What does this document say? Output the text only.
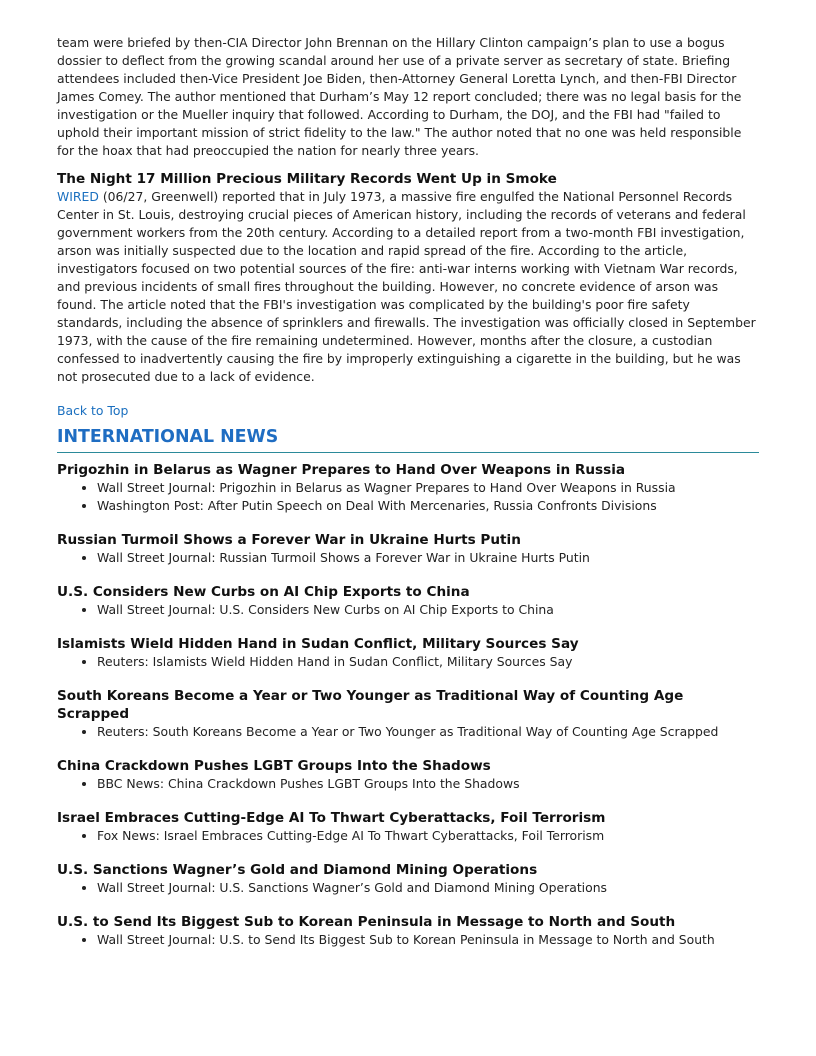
team were briefed by then-CIA Director John Brennan on the Hillary Clinton campaign’s plan to use a bogus dossier to deflect from the growing scandal around her use of a private server as secretary of state. Briefing attendees included then-Vice President Joe Biden, then-Attorney General Loretta Lynch, and then-FBI Director James Comey. The author mentioned that Durham’s May 12 report concluded; there was no legal basis for the investigation or the Mueller inquiry that followed. According to Durham, the DOJ, and the FBI had "failed to uphold their important mission of strict fidelity to the law." The author noted that no one was held responsible for the hoax that had preoccupied the nation for nearly three years.

The Night 17 Million Precious Military Records Went Up in Smoke

WIRED (06/27, Greenwell) reported that in July 1973, a massive fire engulfed the National Personnel Records Center in St. Louis, destroying crucial pieces of American history, including the records of veterans and federal government workers from the 20th century. According to a detailed report from a two-month FBI investigation, arson was initially suspected due to the location and rapid spread of the fire. According to the article, investigators focused on two potential sources of the fire: anti-war interns working with Vietnam War records, and previous incidents of small fires throughout the building. However, no concrete evidence of arson was found. The article noted that the FBI's investigation was complicated by the building's poor fire safety standards, including the absence of sprinklers and firewalls. The investigation was officially closed in September 1973, with the cause of the fire remaining undetermined. However, months after the closure, a custodian confessed to inadvertently causing the fire by improperly extinguishing a cigarette in the building, but he was not prosecuted due to a lack of evidence.

Back to Top
INTERNATIONAL NEWS
Prigozhin in Belarus as Wagner Prepares to Hand Over Weapons in Russia
• Wall Street Journal: Prigozhin in Belarus as Wagner Prepares to Hand Over Weapons in Russia
• Washington Post: After Putin Speech on Deal With Mercenaries, Russia Confronts Divisions
Russian Turmoil Shows a Forever War in Ukraine Hurts Putin
• Wall Street Journal: Russian Turmoil Shows a Forever War in Ukraine Hurts Putin
U.S. Considers New Curbs on AI Chip Exports to China
• Wall Street Journal: U.S. Considers New Curbs on AI Chip Exports to China
Islamists Wield Hidden Hand in Sudan Conflict, Military Sources Say
• Reuters: Islamists Wield Hidden Hand in Sudan Conflict, Military Sources Say
South Koreans Become a Year or Two Younger as Traditional Way of Counting Age Scrapped
• Reuters: South Koreans Become a Year or Two Younger as Traditional Way of Counting Age Scrapped
China Crackdown Pushes LGBT Groups Into the Shadows
• BBC News: China Crackdown Pushes LGBT Groups Into the Shadows
Israel Embraces Cutting-Edge AI To Thwart Cyberattacks, Foil Terrorism
• Fox News: Israel Embraces Cutting-Edge AI To Thwart Cyberattacks, Foil Terrorism
U.S. Sanctions Wagner’s Gold and Diamond Mining Operations
• Wall Street Journal: U.S. Sanctions Wagner’s Gold and Diamond Mining Operations
U.S. to Send Its Biggest Sub to Korean Peninsula in Message to North and South
• Wall Street Journal: U.S. to Send Its Biggest Sub to Korean Peninsula in Message to North and South
